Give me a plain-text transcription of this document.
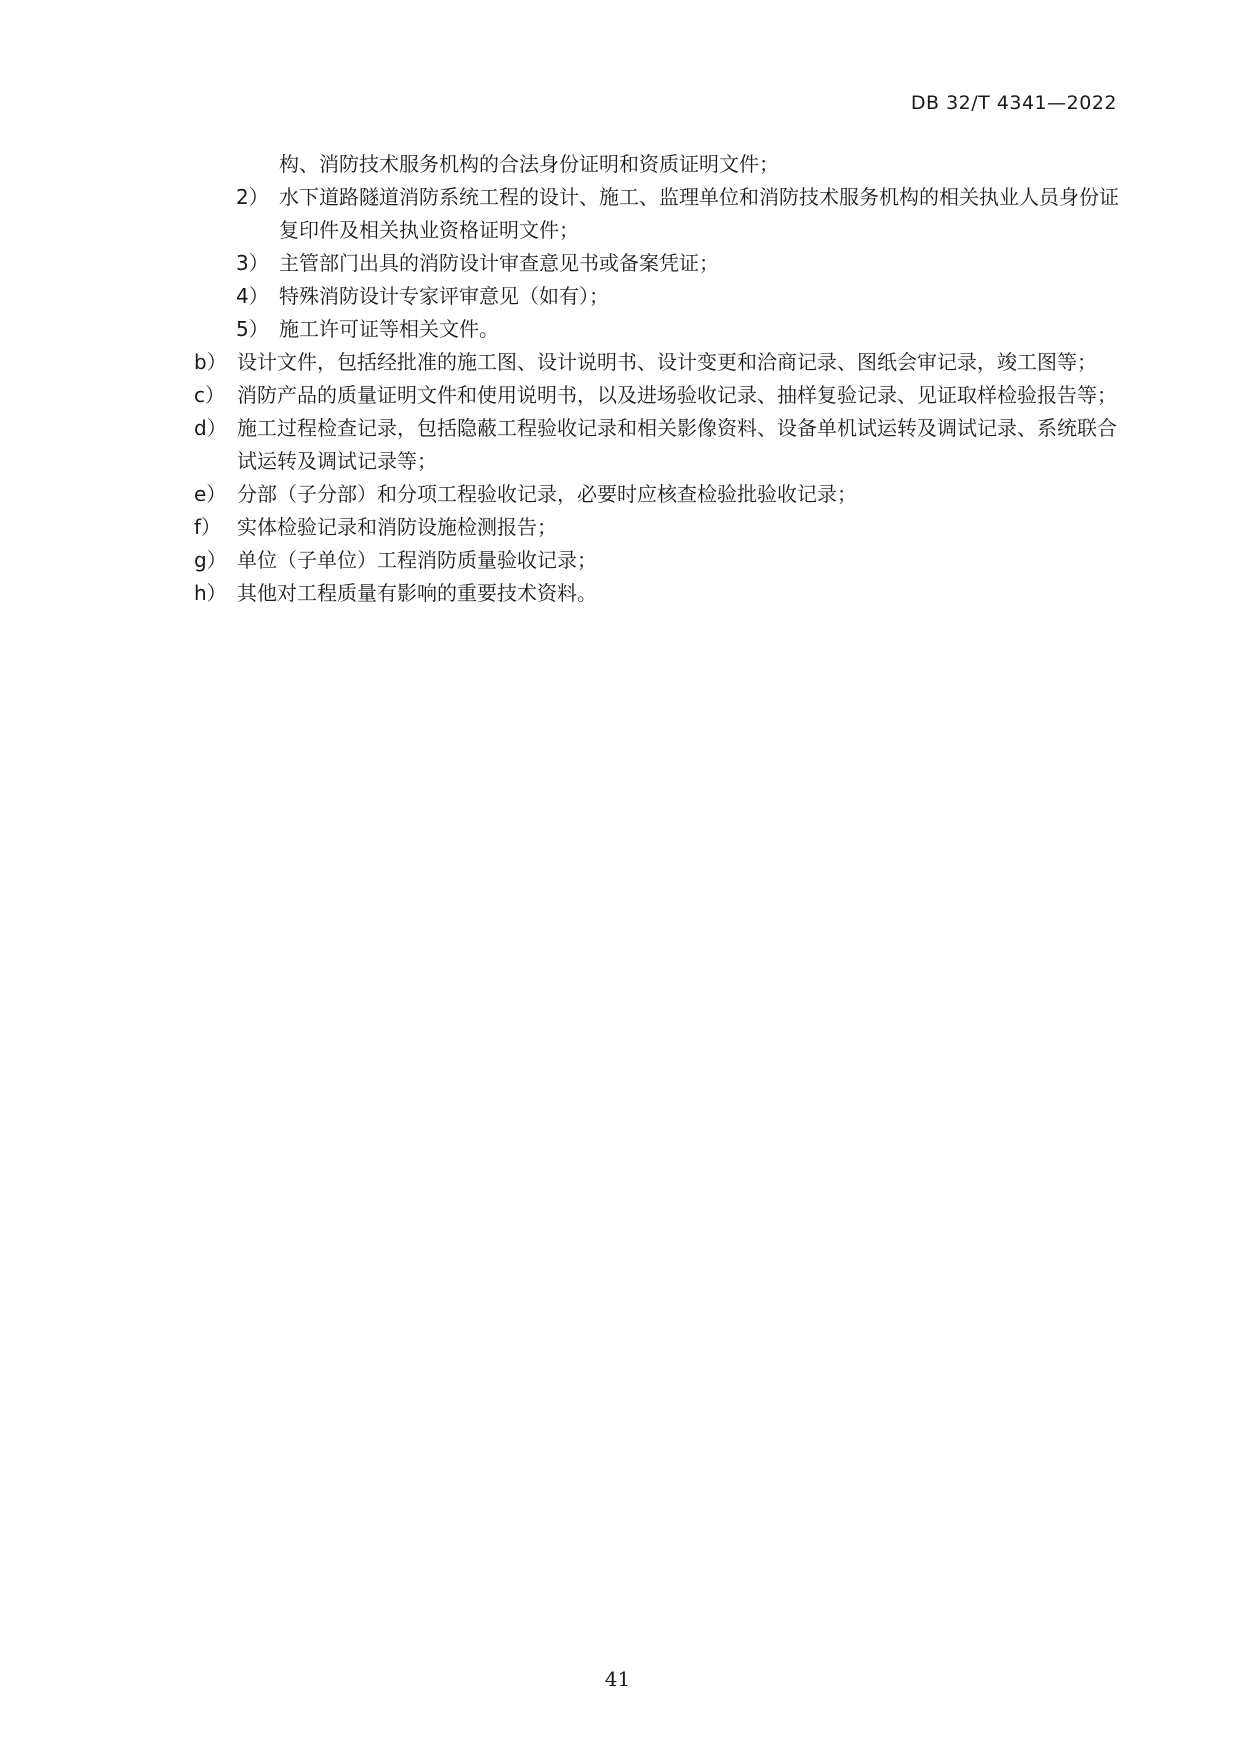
DB 32/T 4341—2022
构、消防技术服务机构的合法身份证明和资质证明文件；
2） 水下道路隧道消防系统工程的设计、施工、监理单位和消防技术服务机构的相关执业人员身份证复印件及相关执业资格证明文件；
3） 主管部门出具的消防设计审查意见书或备案凭证；
4） 特殊消防设计专家评审意见（如有）；
5） 施工许可证等相关文件。
b） 设计文件，包括经批准的施工图、设计说明书、设计变更和洽商记录、图纸会审记录，竣工图等；
c） 消防产品的质量证明文件和使用说明书，以及进场验收记录、抽样复验记录、见证取样检验报告等；
d） 施工过程检查记录，包括隐蔽工程验收记录和相关影像资料、设备单机试运转及调试记录、系统联合试运转及调试记录等；
e） 分部（子分部）和分项工程验收记录，必要时应核查检验批验收记录；
f） 实体检验记录和消防设施检测报告；
g） 单位（子单位）工程消防质量验收记录；
h） 其他对工程质量有影响的重要技术资料。
41
